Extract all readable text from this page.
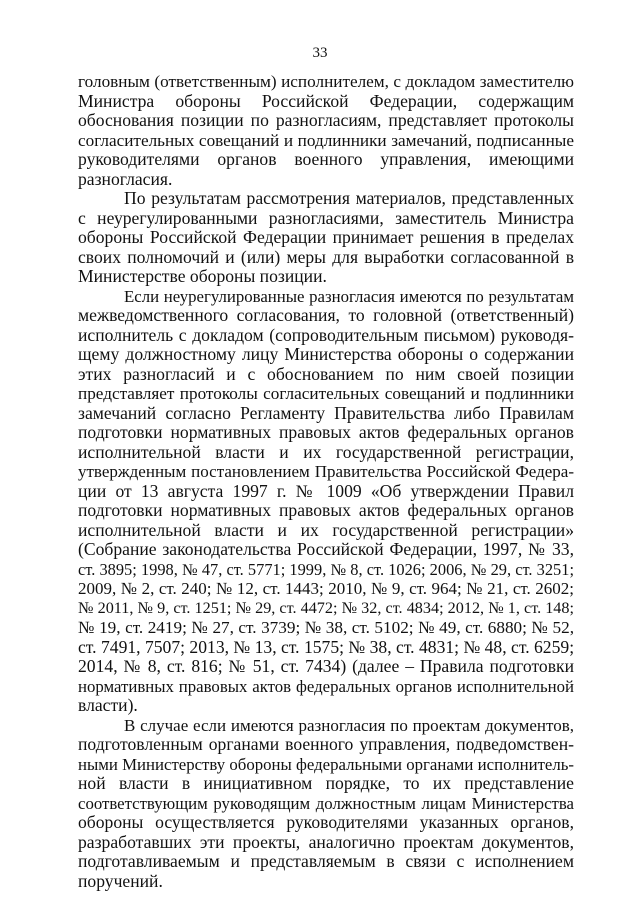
33
головным (ответственным) исполнителем, с докладом заместителю
Министра обороны Российской Федерации, содержащим
обоснования позиции по разногласиям, представляет протоколы
согласительных совещаний и подлинники замечаний, подписанные
руководителями органов военного управления, имеющими
разногласия.
По результатам рассмотрения материалов, представленных
с неурегулированными разногласиями, заместитель Министра
обороны Российской Федерации принимает решения в пределах
своих полномочий и (или) меры для выработки согласованной в
Министерстве обороны позиции.
Если неурегулированные разногласия имеются по результатам
межведомственного согласования, то головной (ответственный)
исполнитель с докладом (сопроводительным письмом) руководя-
щему должностному лицу Министерства обороны о содержании
этих разногласий и с обоснованием по ним своей позиции
представляет протоколы согласительных совещаний и подлинники
замечаний согласно Регламенту Правительства либо Правилам
подготовки нормативных правовых актов федеральных органов
исполнительной власти и их государственной регистрации,
утвержденным постановлением Правительства Российской Федера-
ции от 13 августа 1997 г. № 1009 «Об утверждении Правил
подготовки нормативных правовых актов федеральных органов
исполнительной власти и их государственной регистрации»
(Собрание законодательства Российской Федерации, 1997, № 33,
ст. 3895; 1998, № 47, ст. 5771; 1999, № 8, ст. 1026; 2006, № 29, ст. 3251;
2009, № 2, ст. 240; № 12, ст. 1443; 2010, № 9, ст. 964; № 21, ст. 2602;
№ 2011, № 9, ст. 1251; № 29, ст. 4472; № 32, ст. 4834; 2012, № 1, ст. 148;
№ 19, ст. 2419; № 27, ст. 3739; № 38, ст. 5102; № 49, ст. 6880; № 52,
ст. 7491, 7507; 2013, № 13, ст. 1575; № 38, ст. 4831; № 48, ст. 6259;
2014, № 8, ст. 816; № 51, ст. 7434) (далее – Правила подготовки
нормативных правовых актов федеральных органов исполнительной
власти).
В случае если имеются разногласия по проектам документов,
подготовленным органами военного управления, подведомствен-
ными Министерству обороны федеральными органами исполнитель-
ной власти в инициативном порядке, то их представление
соответствующим руководящим должностным лицам Министерства
обороны осуществляется руководителями указанных органов,
разработавших эти проекты, аналогично проектам документов,
подготавливаемым и представляемым в связи с исполнением
поручений.
